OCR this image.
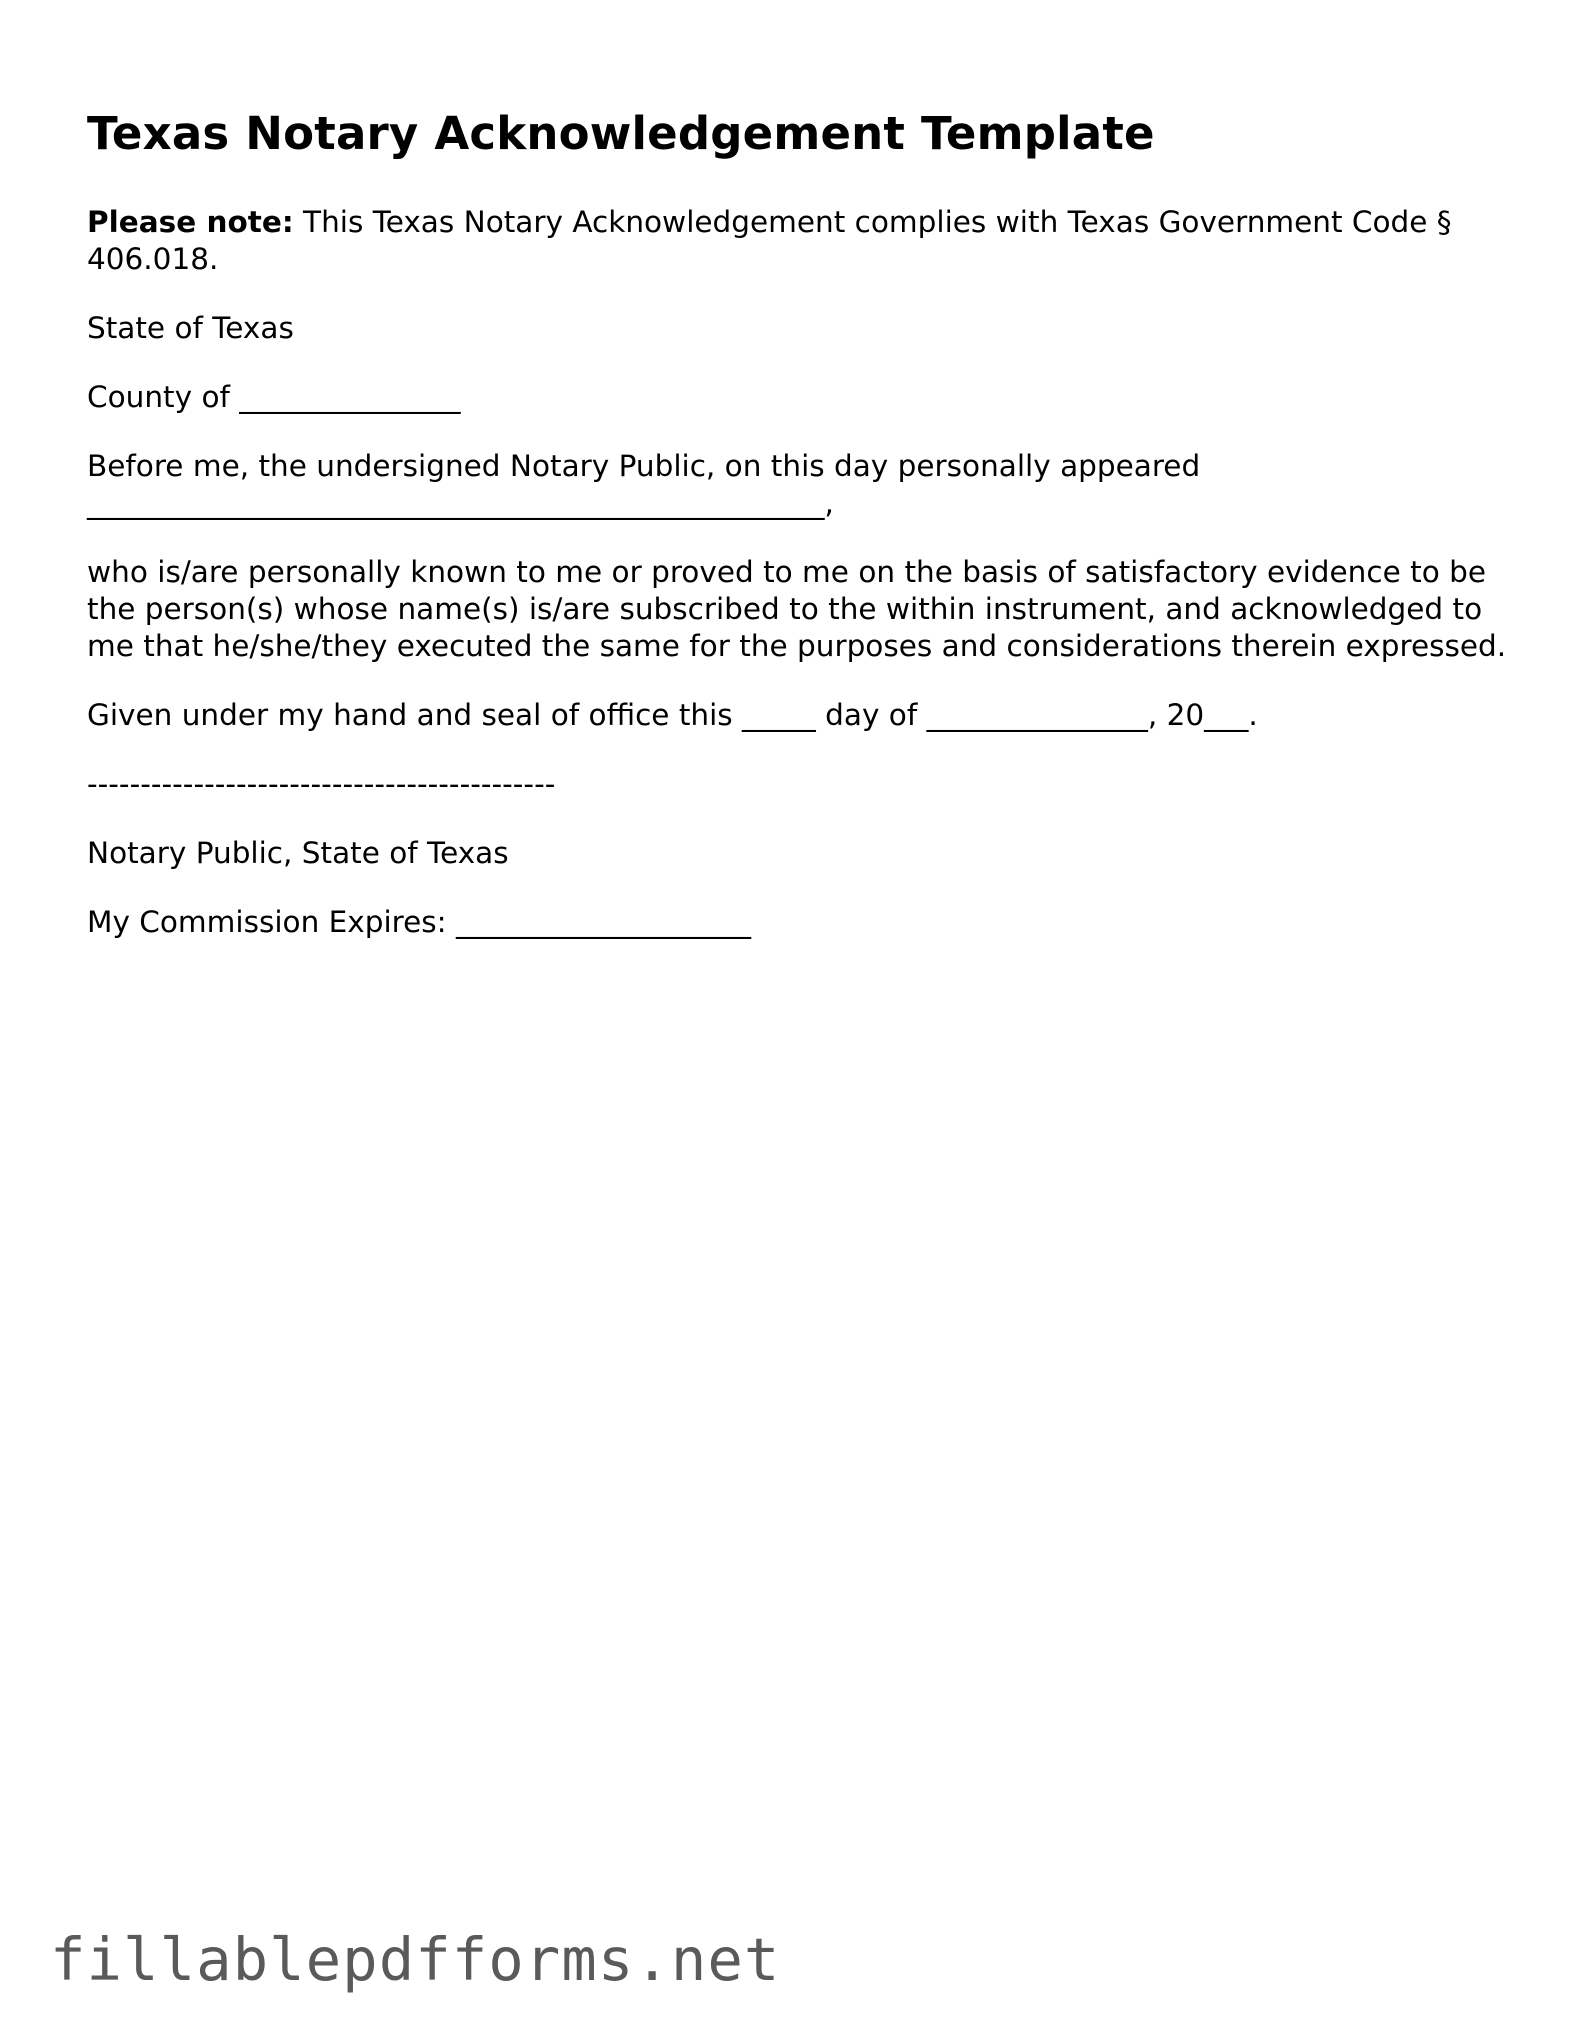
Texas Notary Acknowledgement Template

Please note: This Texas Notary Acknowledgement complies with Texas Government Code § 406.018.

State of Texas

County of _______________

Before me, the undersigned Notary Public, on this day personally appeared
__________________________________________________,

who is/are personally known to me or proved to me on the basis of satisfactory evidence to be the person(s) whose name(s) is/are subscribed to the within instrument, and acknowledged to me that he/she/they executed the same for the purposes and considerations therein expressed.

Given under my hand and seal of office this _____ day of _______________, 20___.

--------------------------------------------

Notary Public, State of Texas

My Commission Expires: ____________________

fillablepdfforms.net
